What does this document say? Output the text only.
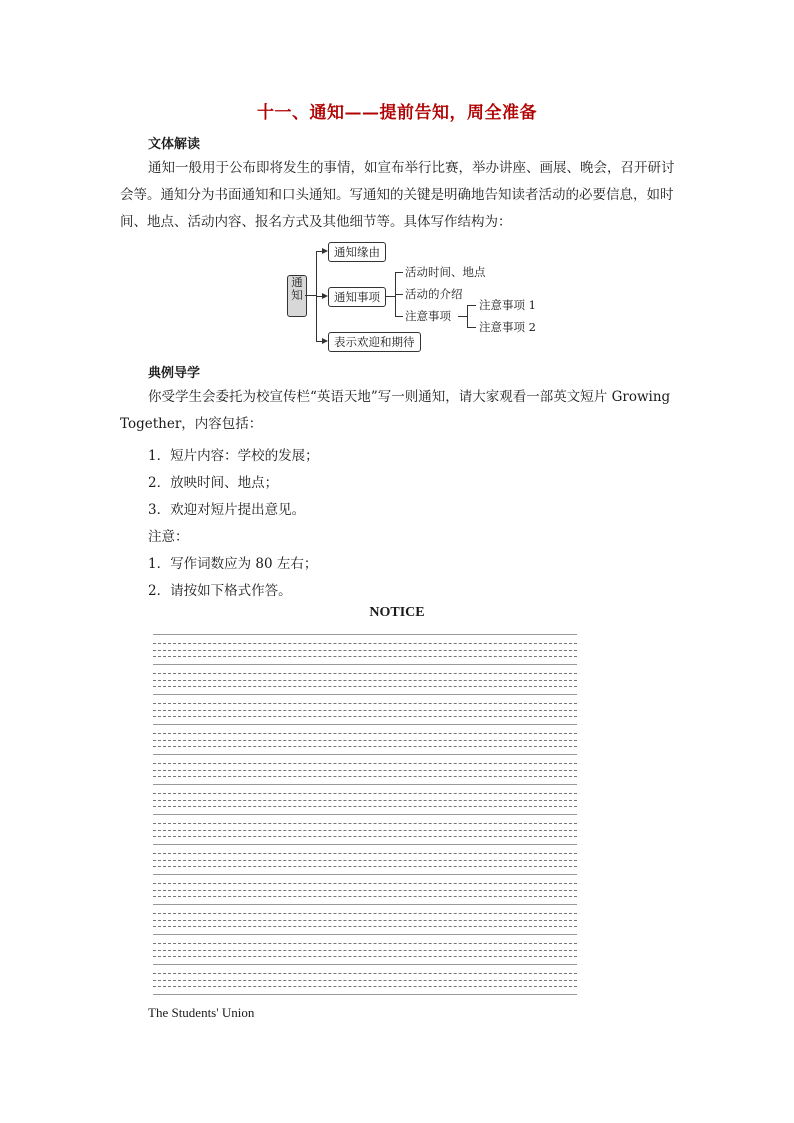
十一、通知——提前告知，周全准备
文体解读

通知一般用于公布即将发生的事情，如宣布举行比赛，举办讲座、画展、晚会，召开研讨会等。通知分为书面通知和口头通知。写通知的关键是明确地告知读者活动的必要信息，如时间、地点、活动内容、报名方式及其他细节等。具体写作结构为：

通知
通知缘由
通知事项
表示欢迎和期待
活动时间、地点
活动的介绍
注意事项
注意事项 1
注意事项 2
典例导学

你受学生会委托为校宣传栏“英语天地”写一则通知，请大家观看一部英文短片 Growing Together，内容包括：

1．短片内容：学校的发展；
2．放映时间、地点；
3．欢迎对短片提出意见。
注意：
1．写作词数应为 80 左右；
2．请按如下格式作答。
NOTICE
The Students' Union
